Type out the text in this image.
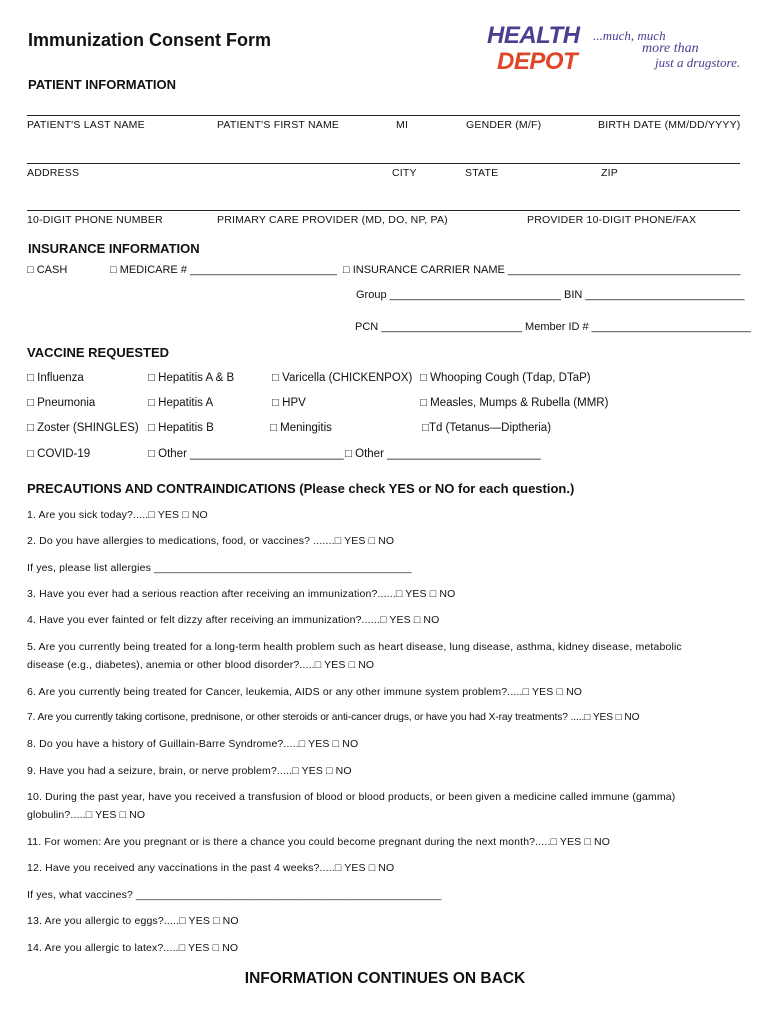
Immunization Consent Form	HEALTH
DEPOT
...much, much
more than
just a drugstore.
PATIENT INFORMATION
PATIENT'S LAST NAME	PATIENT'S FIRST NAME	MI	GENDER (M/F)	BIRTH DATE (MM/DD/YYYY)
ADDRESS	CITY	STATE	ZIP
10-DIGIT PHONE NUMBER	PRIMARY CARE PROVIDER (MD, DO, NP, PA)	PROVIDER 10-DIGIT PHONE/FAX
INSURANCE INFORMATION
□ CASH	□ MEDICARE # ________________________ □ INSURANCE CARRIER NAME ______________________________________
Group ____________________________ BIN __________________________
PCN _______________________ Member ID # __________________________
VACCINE REQUESTED
□ Influenza	□ Hepatitis A & B	□ Varicella (CHICKENPOX) □ Whooping Cough (Tdap, DTaP)
□ Pneumonia	□ Hepatitis A	□ HPV	□ Measles, Mumps & Rubella (MMR)
□ Zoster (SHINGLES) □ Hepatitis B	□ Meningitis	□Td (Tetanus—Diptheria)
□ COVID-19	□ Other ________________________ □ Other ________________________
PRECAUTIONS AND CONTRAINDICATIONS (Please check YES or NO for each question.)
1. Are you sick today?.....□ YES □ NO
2. Do you have allergies to medications, food, or vaccines? .......□ YES □ NO
If yes, please list allergies ___________________________________________
3. Have you ever had a serious reaction after receiving an immunization?......□ YES □ NO
4. Have you ever fainted or felt dizzy after receiving an immunization?......□ YES □ NO
5. Are you currently being treated for a long-term health problem such as heart disease, lung disease, asthma, kidney disease, metabolic
disease (e.g., diabetes), anemia or other blood disorder?.....□ YES □ NO
6. Are you currently being treated for Cancer, leukemia, AIDS or any other immune system problem?.....□ YES □ NO
7. Are you currently taking cortisone, prednisone, or other steroids or anti-cancer drugs, or have you had X-ray treatments? .....□ YES □ NO
8. Do you have a history of Guillain-Barre Syndrome?.....□ YES □ NO
9. Have you had a seizure, brain, or nerve problem?.....□ YES □ NO
10. During the past year, have you received a transfusion of blood or blood products, or been given a medicine called immune (gamma)
globulin?.....□ YES □ NO
11. For women: Are you pregnant or is there a chance you could become pregnant during the next month?.....□ YES □ NO
12. Have you received any vaccinations in the past 4 weeks?.....□ YES □ NO
If yes, what vaccines? ___________________________________________________
13. Are you allergic to eggs?.....□ YES □ NO
14. Are you allergic to latex?.....□ YES □ NO
INFORMATION CONTINUES ON BACK
